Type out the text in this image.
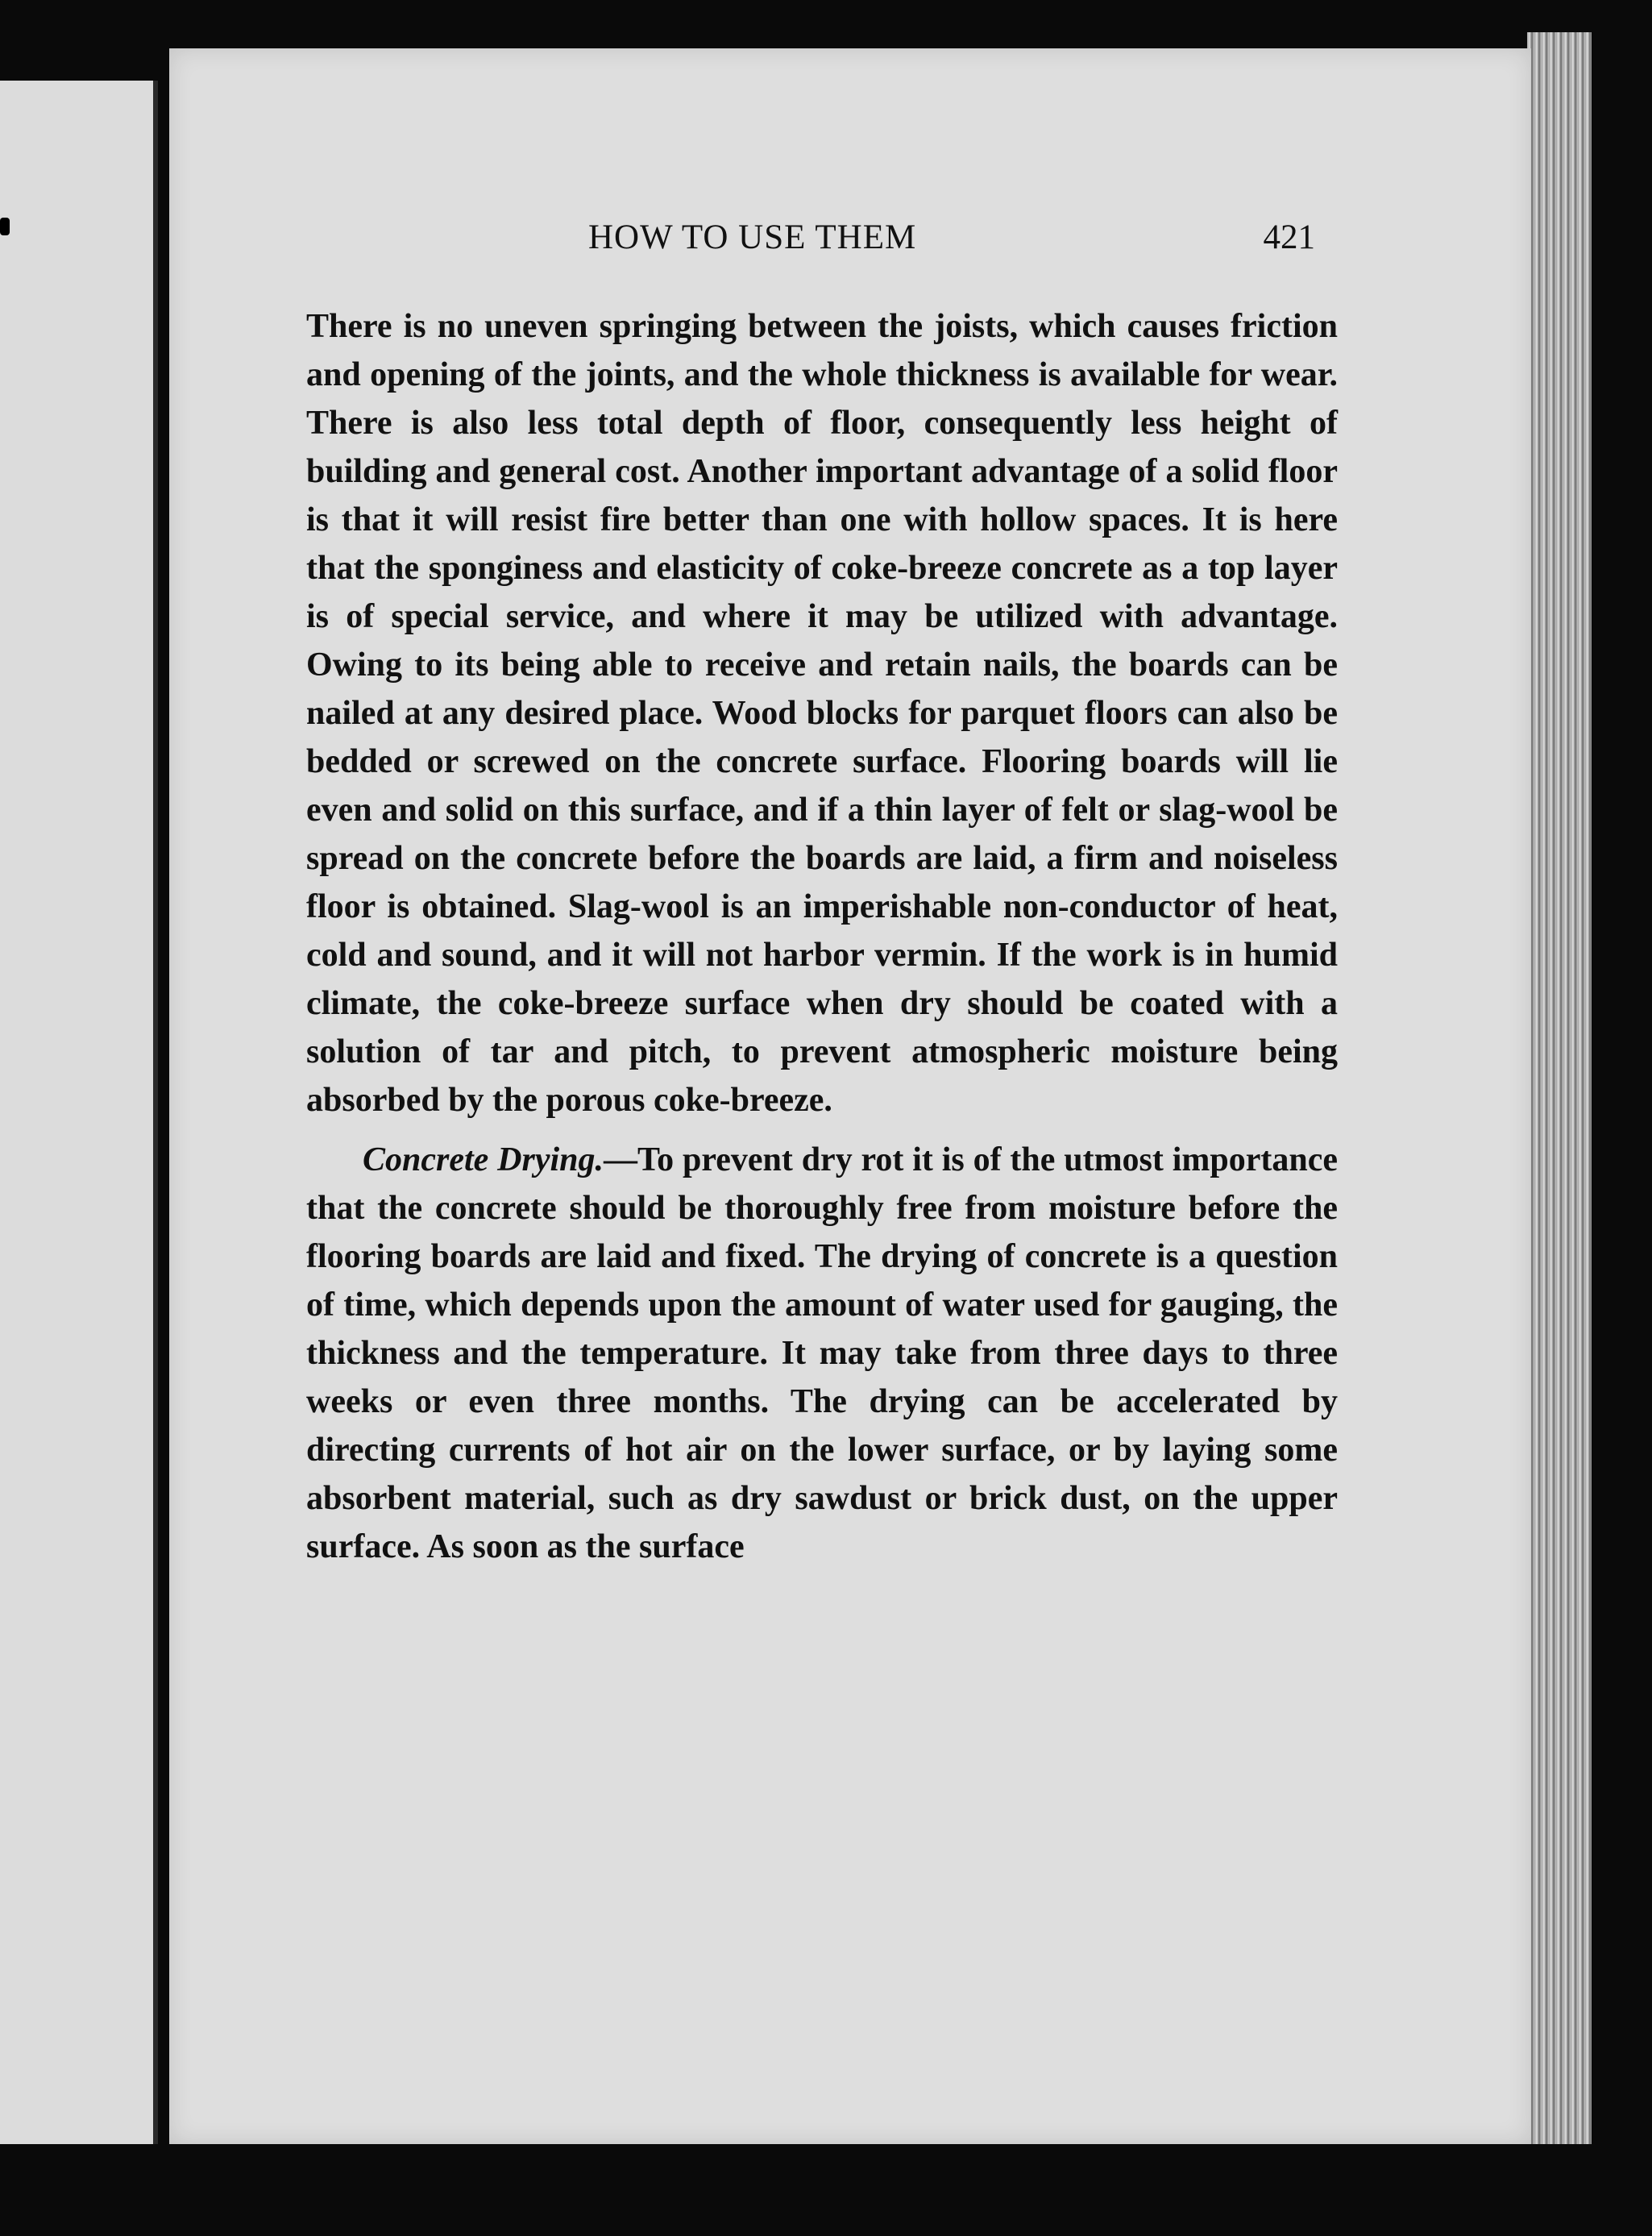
HOW TO USE THEM	421

There is no uneven springing between the joists, which causes friction and opening of the joints, and the whole thickness is available for wear. There is also less total depth of floor, consequently less height of building and general cost. Another important advantage of a solid floor is that it will resist fire better than one with hollow spaces. It is here that the sponginess and elasticity of coke-breeze concrete as a top layer is of special service, and where it may be utilized with advantage. Owing to its being able to receive and retain nails, the boards can be nailed at any desired place. Wood blocks for parquet floors can also be bedded or screwed on the concrete surface. Flooring boards will lie even and solid on this surface, and if a thin layer of felt or slag-wool be spread on the concrete before the boards are laid, a firm and noiseless floor is obtained. Slag-wool is an imperishable non-conductor of heat, cold and sound, and it will not harbor vermin. If the work is in humid climate, the coke-breeze surface when dry should be coated with a solution of tar and pitch, to prevent atmospheric moisture being absorbed by the porous coke-breeze.

Concrete Drying.—To prevent dry rot it is of the utmost importance that the concrete should be thoroughly free from moisture before the flooring boards are laid and fixed. The drying of concrete is a question of time, which depends upon the amount of water used for gauging, the thickness and the temperature. It may take from three days to three weeks or even three months. The drying can be accelerated by directing currents of hot air on the lower surface, or by laying some absorbent material, such as dry sawdust or brick dust, on the upper surface. As soon as the surface
